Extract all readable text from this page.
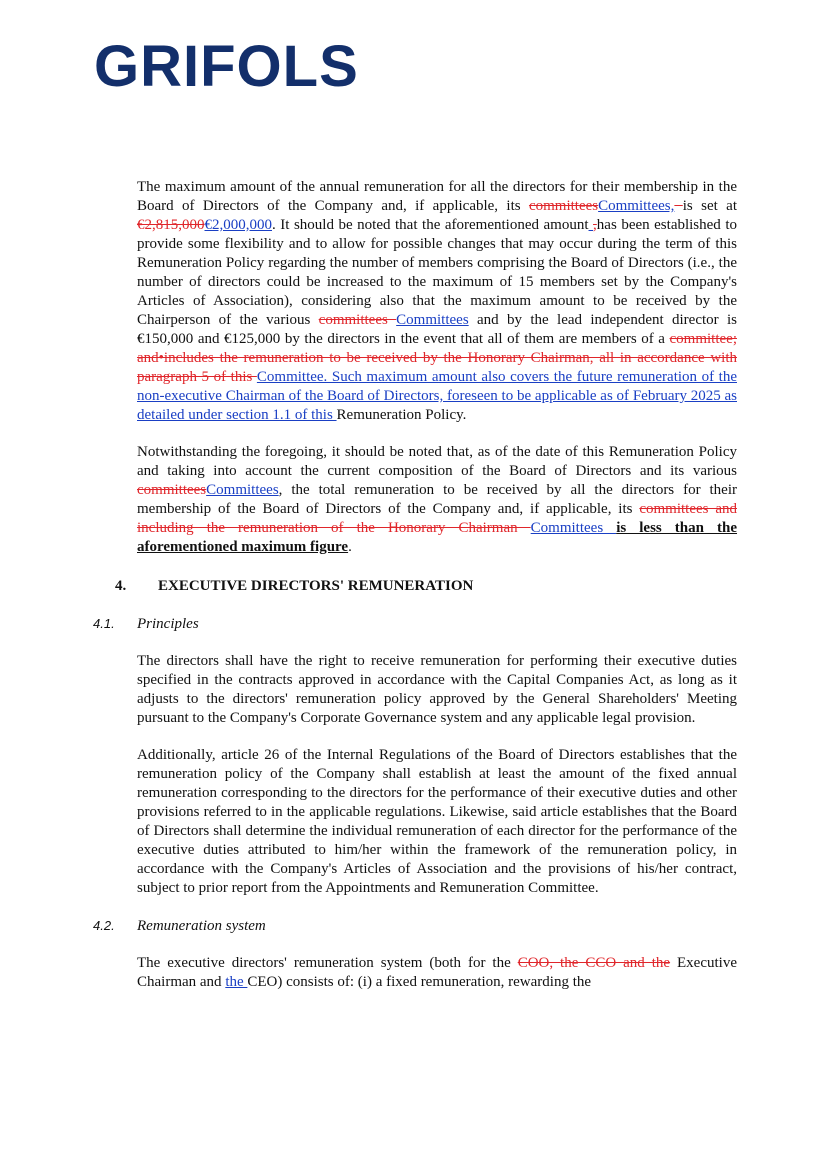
GRIFOLS

The maximum amount of the annual remuneration for all the directors for their membership in the Board of Directors of the Company and, if applicable, its committeesCommittees, is set at €2,815,000€2,000,000. It should be noted that the aforementioned amount ,has been established to provide some flexibility and to allow for possible changes that may occur during the term of this Remuneration Policy regarding the number of members comprising the Board of Directors (i.e., the number of directors could be increased to the maximum of 15 members set by the Company's Articles of Association), considering also that the maximum amount to be received by the Chairperson of the various committees Committees and by the lead independent director is €150,000 and €125,000 by the directors in the event that all of them are members of a committee; and•includes the remuneration to be received by the Honorary Chairman, all in accordance with paragraph 5 of this Committee. Such maximum amount also covers the future remuneration of the non-executive Chairman of the Board of Directors, foreseen to be applicable as of February 2025 as detailed under section 1.1 of this Remuneration Policy.

Notwithstanding the foregoing, it should be noted that, as of the date of this Remuneration Policy and taking into account the current composition of the Board of Directors and its various committeesCommittees, the total remuneration to be received by all the directors for their membership of the Board of Directors of the Company and, if applicable, its committees and including the remuneration of the Honorary Chairman Committees is less than the aforementioned maximum figure.

4. EXECUTIVE DIRECTORS' REMUNERATION
4.1. Principles

The directors shall have the right to receive remuneration for performing their executive duties specified in the contracts approved in accordance with the Capital Companies Act, as long as it adjusts to the directors' remuneration policy approved by the General Shareholders' Meeting pursuant to the Company's Corporate Governance system and any applicable legal provision.

Additionally, article 26 of the Internal Regulations of the Board of Directors establishes that the remuneration policy of the Company shall establish at least the amount of the fixed annual remuneration corresponding to the directors for the performance of their executive duties and other provisions referred to in the applicable regulations. Likewise, said article establishes that the Board of Directors shall determine the individual remuneration of each director for the performance of the executive duties attributed to him/her within the framework of the remuneration policy, in accordance with the Company's Articles of Association and the provisions of his/her contract, subject to prior report from the Appointments and Remuneration Committee.

4.2. Remuneration system

The executive directors' remuneration system (both for the COO, the CCO and the Executive Chairman and the CEO) consists of: (i) a fixed remuneration, rewarding the
